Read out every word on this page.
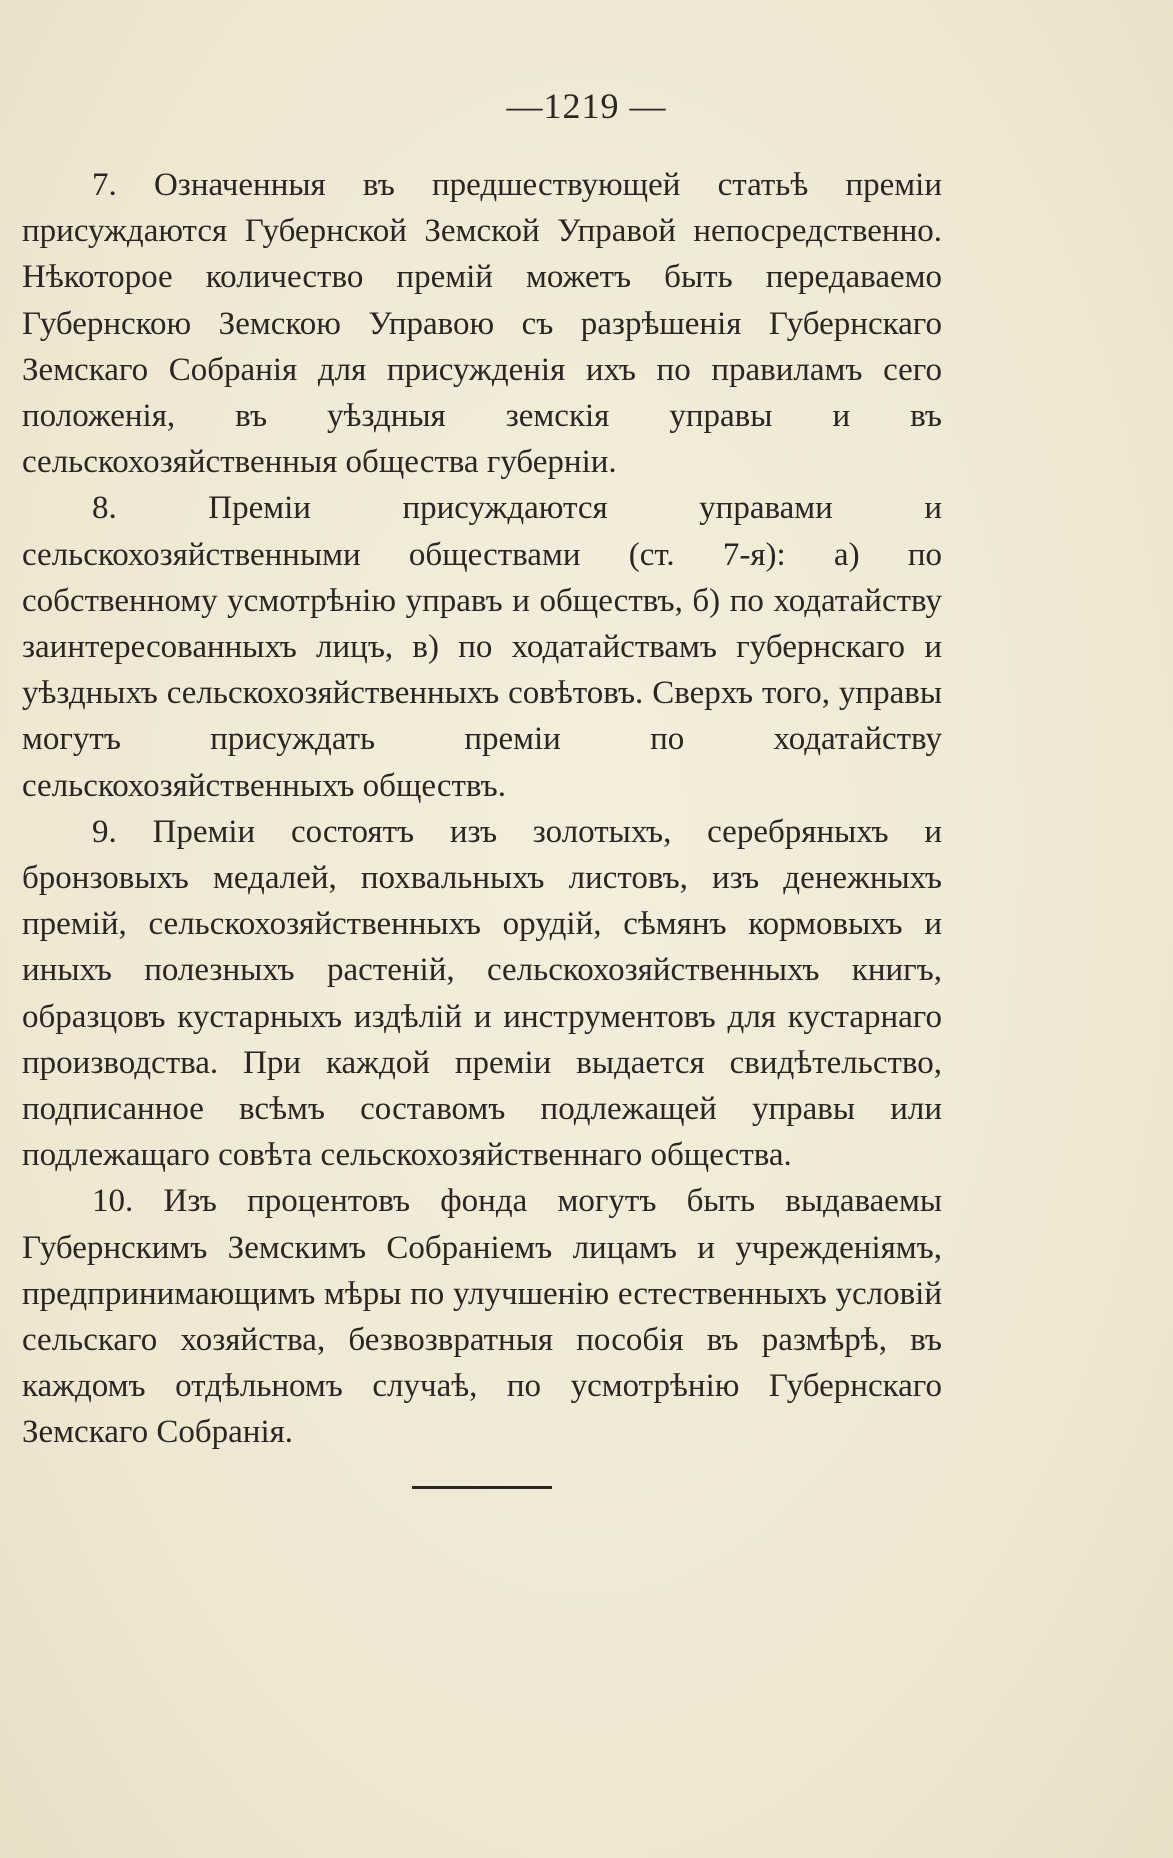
—1219 —

7. Означенныя въ предшествующей статьѣ преміи присуждаются Губернской Земской Управой непосредственно. Нѣкоторое количество премій можетъ быть передаваемо Губернскою Земскою Управою съ разрѣшенія Губернскаго Земскаго Собранія для присужденія ихъ по правиламъ сего положенія, въ уѣздныя земскія управы и въ сельскохозяйственныя общества губерніи.

8. Преміи присуждаются управами и сельскохозяйственными обществами (ст. 7-я): а) по собственному усмотрѣнію управъ и обществъ, б) по ходатайству заинтересованныхъ лицъ, в) по ходатайствамъ губернскаго и уѣздныхъ сельскохозяйственныхъ совѣтовъ. Сверхъ того, управы могутъ присуждать преміи по ходатайству сельскохозяйственныхъ обществъ.

9. Преміи состоятъ изъ золотыхъ, серебряныхъ и бронзовыхъ медалей, похвальныхъ листовъ, изъ денежныхъ премій, сельскохозяйственныхъ орудій, сѣмянъ кормовыхъ и иныхъ полезныхъ растеній, сельскохозяйственныхъ книгъ, образцовъ кустарныхъ издѣлій и инструментовъ для кустарнаго производства. При каждой преміи выдается свидѣтельство, подписанное всѣмъ составомъ подлежащей управы или подлежащаго совѣта сельскохозяйственнаго общества.

10. Изъ процентовъ фонда могутъ быть выдаваемы Губернскимъ Земскимъ Собраніемъ лицамъ и учрежденіямъ, предпринимающимъ мѣры по улучшенію естественныхъ условій сельскаго хозяйства, безвозвратныя пособія въ размѣрѣ, въ каждомъ отдѣльномъ случаѣ, по усмотрѣнію Губернскаго Земскаго Собранія.
